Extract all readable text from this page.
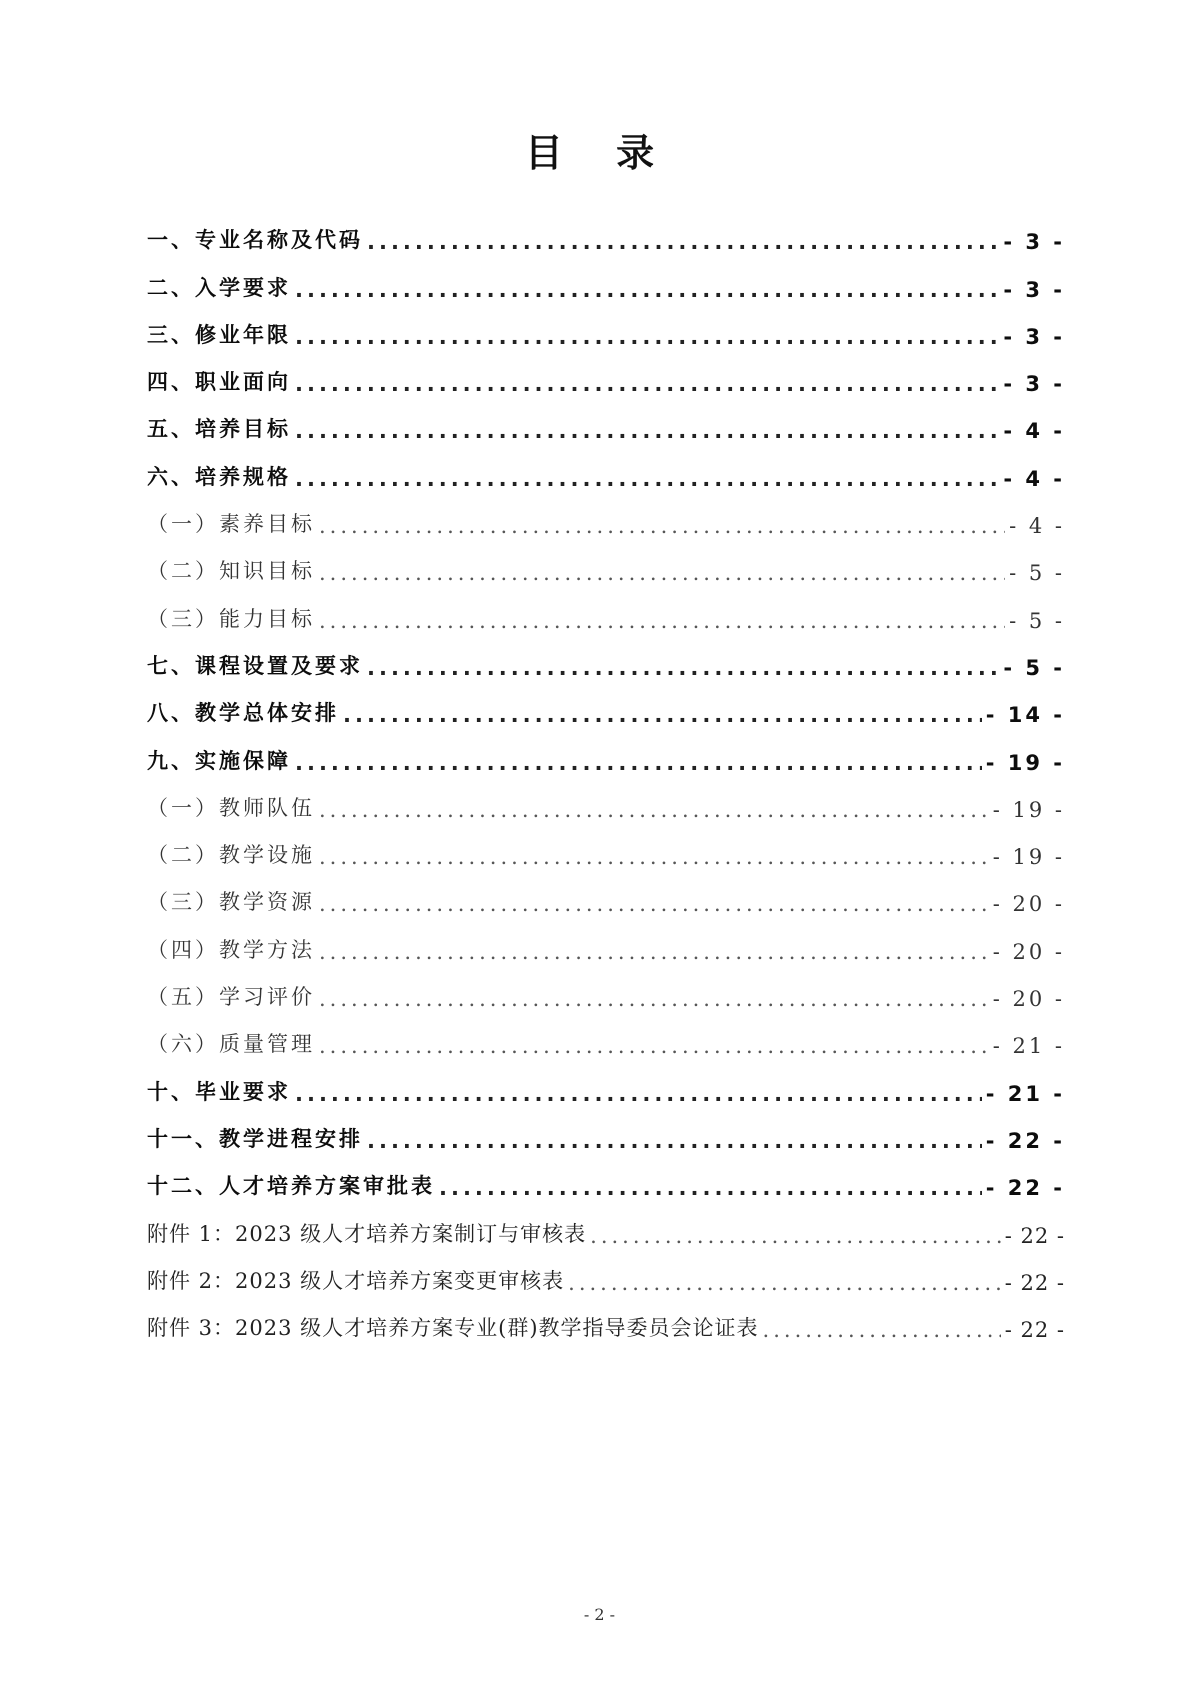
目 录
一、专业名称及代码 .....	- 3 -
二、入学要求 .....	- 3 -
三、修业年限 .....	- 3 -
四、职业面向 .....	- 3 -
五、培养目标 .....	- 4 -
六、培养规格 .....	- 4 -
（一）素养目标 .....	- 4 -
（二）知识目标 .....	- 5 -
（三）能力目标 .....	- 5 -
七、课程设置及要求 .....	- 5 -
八、教学总体安排 .....	- 14 -
九、实施保障 .....	- 19 -
（一）教师队伍 .....	- 19 -
（二）教学设施 .....	- 19 -
（三）教学资源 .....	- 20 -
（四）教学方法 .....	- 20 -
（五）学习评价 .....	- 20 -
（六）质量管理 .....	- 21 -
十、毕业要求 .....	- 21 -
十一、教学进程安排 .....	- 22 -
十二、人才培养方案审批表 .....	- 22 -
附件 1：2023 级人才培养方案制订与审核表 .....	- 22 -
附件 2：2023 级人才培养方案变更审核表 .....	- 22 -
附件 3：2023 级人才培养方案专业(群)教学指导委员会论证表 .....	- 22 -
- 2 -
